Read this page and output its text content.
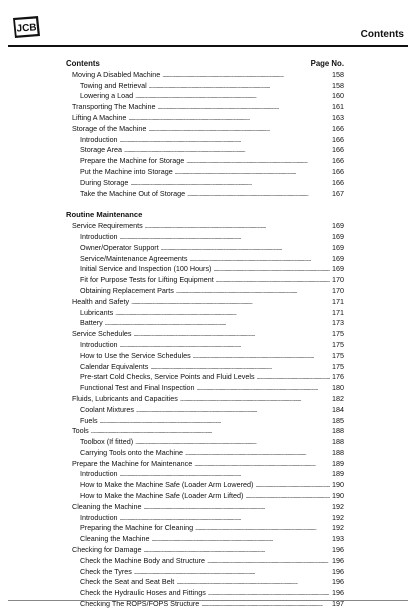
JCB	Contents
Contents	Page No.
Moving A Disabled Machine . . .	158
Towing and Retrieval . . .	158
Lowering a Load . . .	160
Transporting The Machine . . .	161
Lifting A Machine . . .	163
Storage of the Machine . . .	166
Introduction . . .	166
Storage Area . . .	166
Prepare the Machine for Storage . . .	166
Put the Machine into Storage . . .	166
During Storage . . .	166
Take the Machine Out of Storage . . .	167
Routine Maintenance
Service Requirements . . .	169
Introduction . . .	169
Owner/Operator Support . . .	169
Service/Maintenance Agreements . . .	169
Initial Service and Inspection (100 Hours) . . .	169
Fit for Purpose Tests for Lifting Equipment . . .	170
Obtaining Replacement Parts . . .	170
Health and Safety . . .	171
Lubricants . . .	171
Battery . . .	173
Service Schedules . . .	175
Introduction . . .	175
How to Use the Service Schedules . . .	175
Calendar Equivalents . . .	175
Pre-start Cold Checks, Service Points and Fluid Levels . . .	176
Functional Test and Final Inspection . . .	180
Fluids, Lubricants and Capacities . . .	182
Coolant Mixtures . . .	184
Fuels . . .	185
Tools . . .	188
Toolbox (If fitted) . . .	188
Carrying Tools onto the Machine . . .	188
Prepare the Machine for Maintenance . . .	189
Introduction . . .	189
How to Make the Machine Safe (Loader Arm Lowered) . . .	190
How to Make the Machine Safe (Loader Arm Lifted) . . .	190
Cleaning the Machine . . .	192
Introduction . . .	192
Preparing the Machine for Cleaning . . .	192
Cleaning the Machine . . .	193
Checking for Damage . . .	196
Check the Machine Body and Structure . . .	196
Check the Tyres . . .	196
Check the Seat and Seat Belt . . .	196
Check the Hydraulic Hoses and Fittings . . .	196
Checking The ROPS/FOPS Structure . . .	197
